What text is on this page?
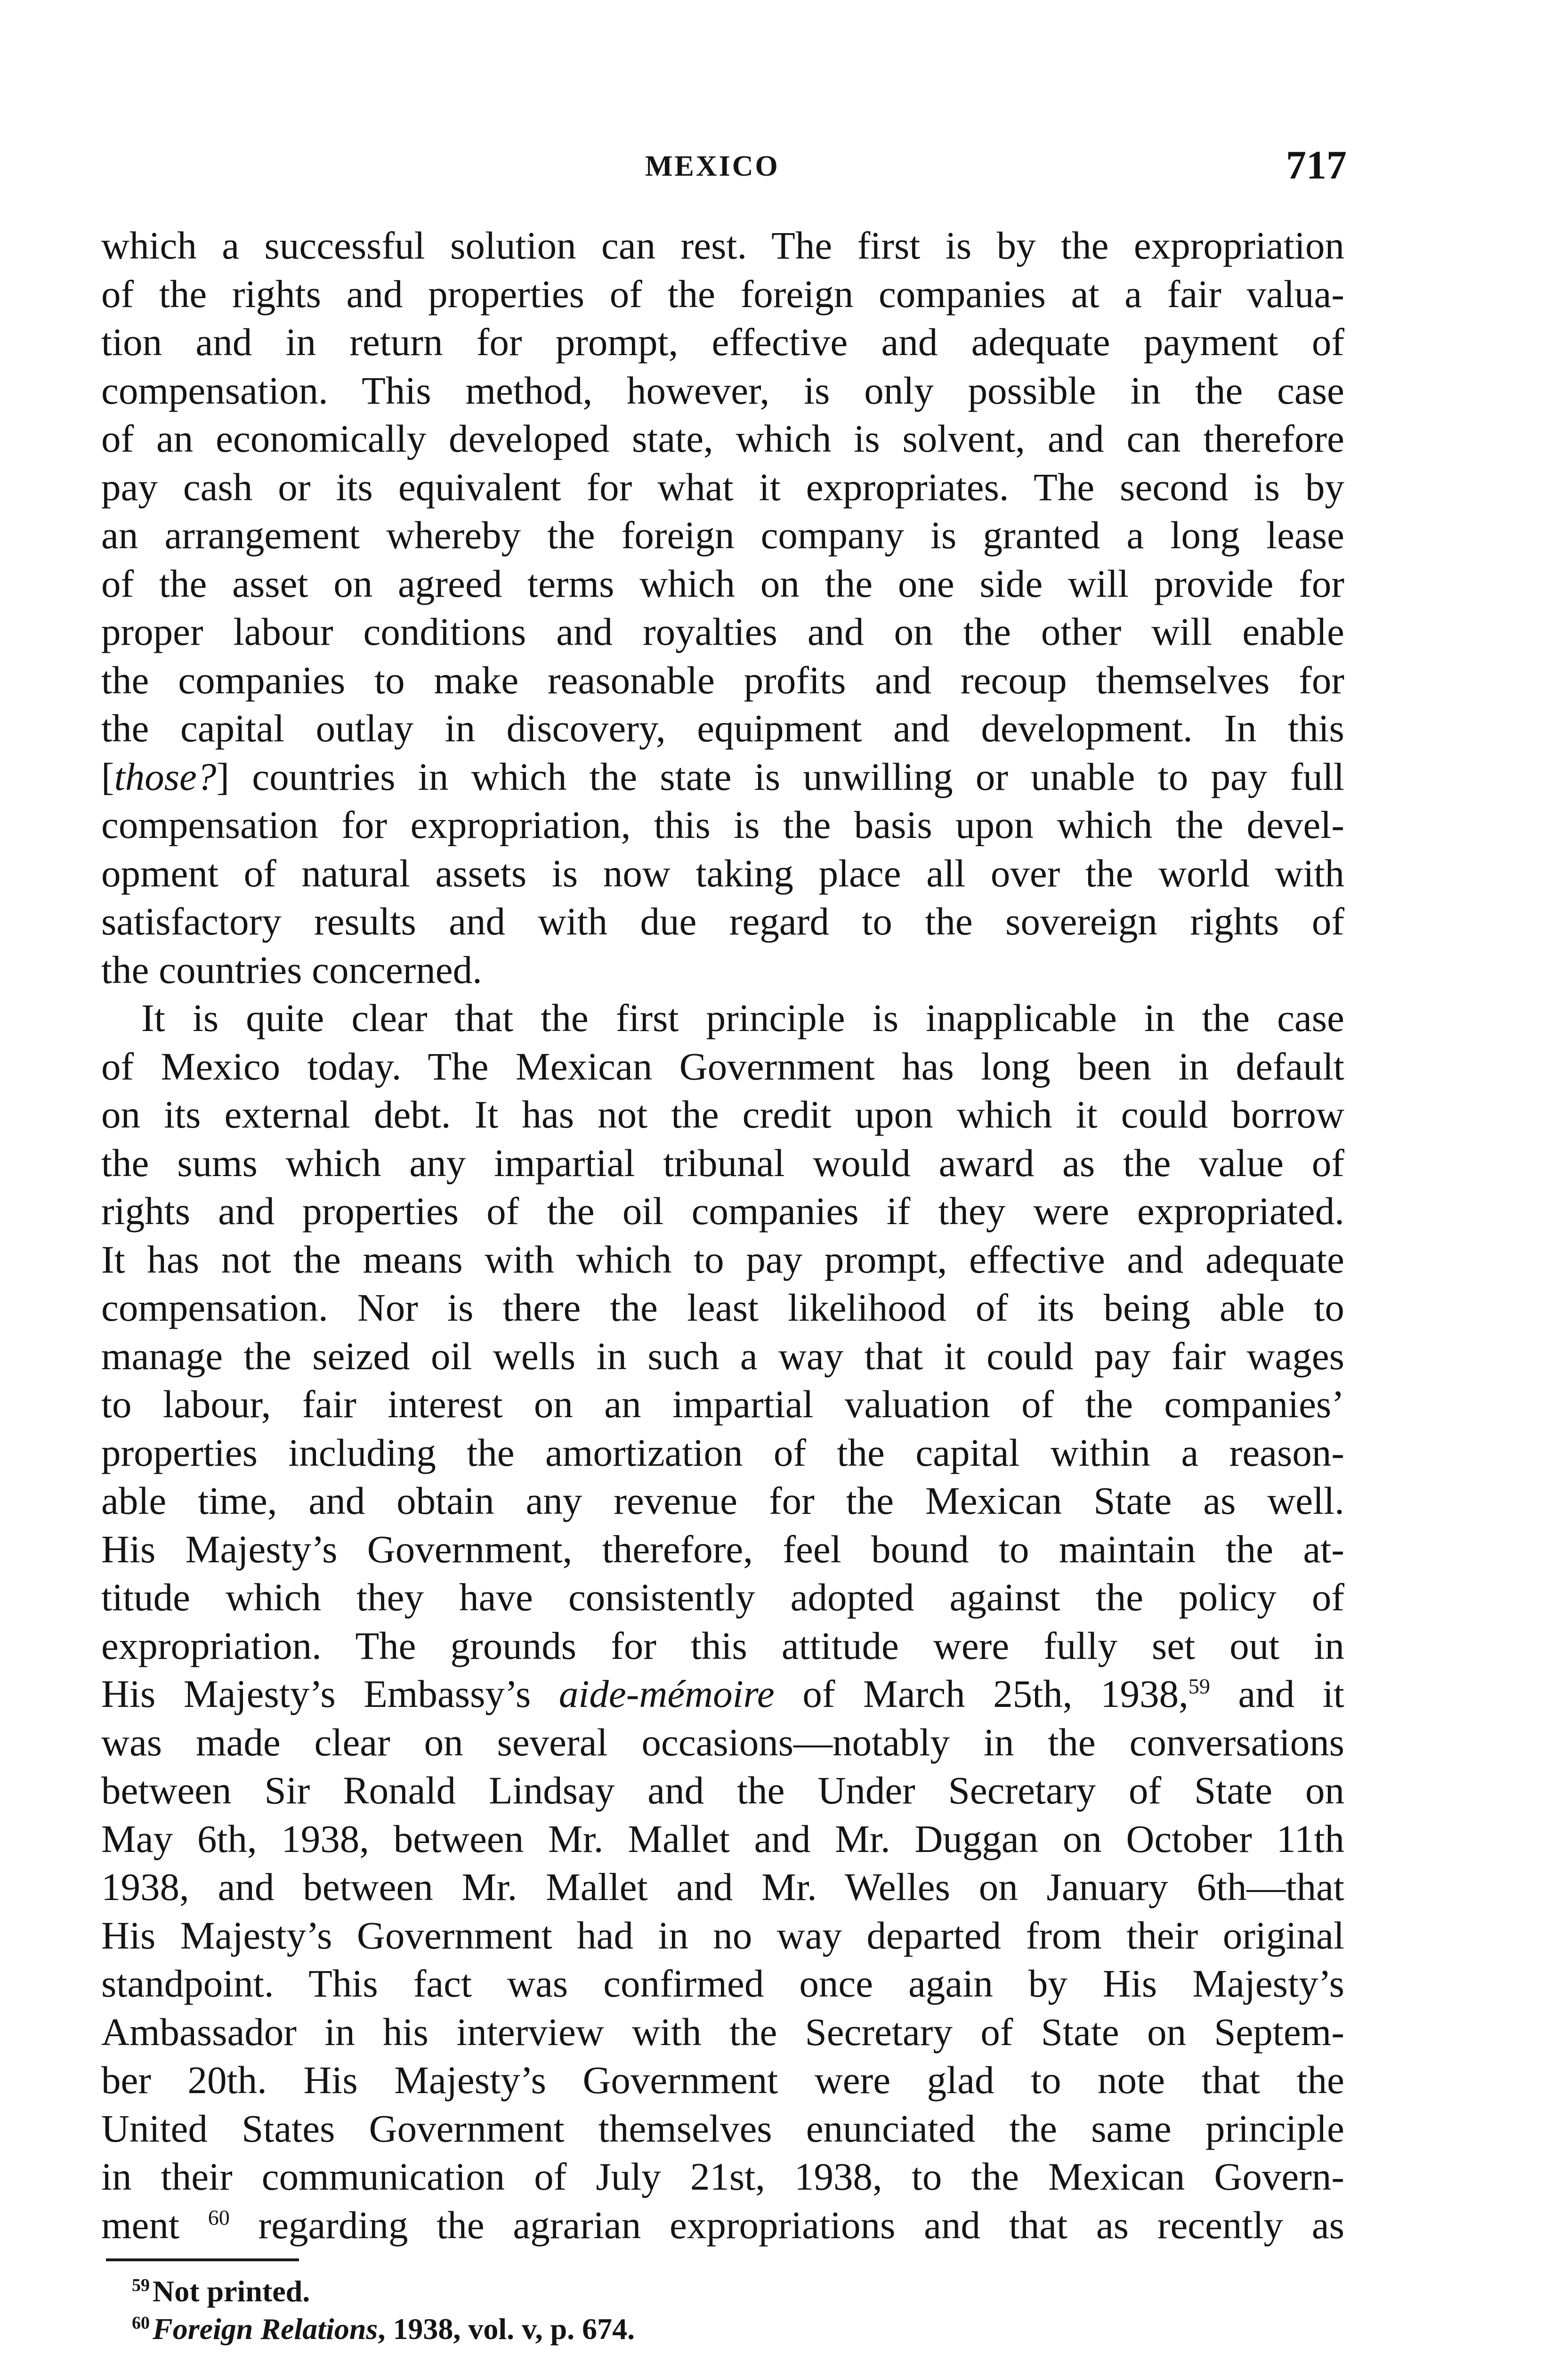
MEXICO	717
which a successful solution can rest. The first is by the expropriation
of the rights and properties of the foreign companies at a fair valua-
tion and in return for prompt, effective and adequate payment of
compensation. This method, however, is only possible in the case
of an economically developed state, which is solvent, and can therefore
pay cash or its equivalent for what it expropriates. The second is by
an arrangement whereby the foreign company is granted a long lease
of the asset on agreed terms which on the one side will provide for
proper labour conditions and royalties and on the other will enable
the companies to make reasonable profits and recoup themselves for
the capital outlay in discovery, equipment and development. In this
[those?] countries in which the state is unwilling or unable to pay full
compensation for expropriation, this is the basis upon which the devel-
opment of natural assets is now taking place all over the world with
satisfactory results and with due regard to the sovereign rights of
the countries concerned.
It is quite clear that the first principle is inapplicable in the case
of Mexico today. The Mexican Government has long been in default
on its external debt. It has not the credit upon which it could borrow
the sums which any impartial tribunal would award as the value of
rights and properties of the oil companies if they were expropriated.
It has not the means with which to pay prompt, effective and adequate
compensation. Nor is there the least likelihood of its being able to
manage the seized oil wells in such a way that it could pay fair wages
to labour, fair interest on an impartial valuation of the companies’
properties including the amortization of the capital within a reason-
able time, and obtain any revenue for the Mexican State as well.
His Majesty’s Government, therefore, feel bound to maintain the at-
titude which they have consistently adopted against the policy of
expropriation. The grounds for this attitude were fully set out in
His Majesty’s Embassy’s aide-mémoire of March 25th, 1938,59 and it
was made clear on several occasions—notably in the conversations
between Sir Ronald Lindsay and the Under Secretary of State on
May 6th, 1938, between Mr. Mallet and Mr. Duggan on October 11th
1938, and between Mr. Mallet and Mr. Welles on January 6th—that
His Majesty’s Government had in no way departed from their original
standpoint. This fact was confirmed once again by His Majesty’s
Ambassador in his interview with the Secretary of State on Septem-
ber 20th. His Majesty’s Government were glad to note that the
United States Government themselves enunciated the same principle
in their communication of July 21st, 1938, to the Mexican Govern-
ment $^{60}$ regarding the agrarian expropriations and that as recently as
$^{59}$Not printed.
$^{60}$Foreign Relations, 1938, vol. v, p. 674.
